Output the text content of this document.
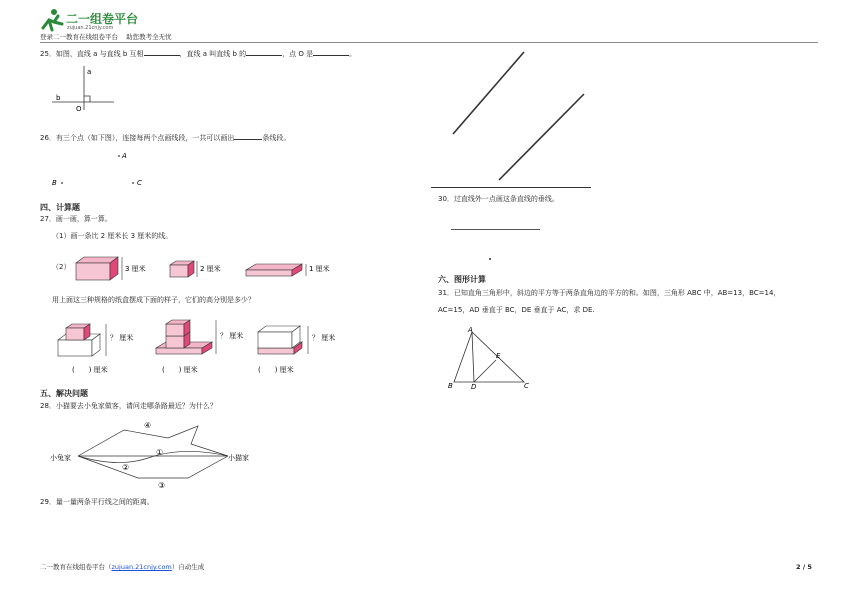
二一组卷平台
zujuan.21cnjy.com
登录二一教育在线组卷平台 助您教考全无忧
25．如图，直线 a 与直线 b 互相	，直线 a 叫直线 b 的	，点 O 是	。
a
b
O
26．有三个点（如下图），连接每两个点画线段，一共可以画出	条线段。
A
B	C
四、计算题
27．画一画，算一算。
（1）画一条比 2 厘米长 3 厘米的线。
（2）	3 厘米	2 厘米	1 厘米
用上面这三种规格的纸盒摆成下面的样子，它们的高分别是多少？
？ 厘米
(　　) 厘米
？ 厘米
(　　) 厘米
？ 厘米
(　　) 厘米
五、解决问题
28．小猫要去小兔家做客，请问走哪条路最近？为什么？
小兔家	小猫家
①
②
③
④
29．量一量两条平行线之间的距离。
30．过直线外一点画这条直线的垂线。
六、图形计算
31．已知直角三角形中，斜边的平方等于两条直角边的平方的和。如图，三角形 ABC 中，AB=13，BC=14，
AC=15，AD 垂直于 BC，DE 垂直于 AC，求 DE.
A
B	C
D
E
二一教育在线组卷平台（zujuan.21cnjy.com）自动生成	2 / 5
